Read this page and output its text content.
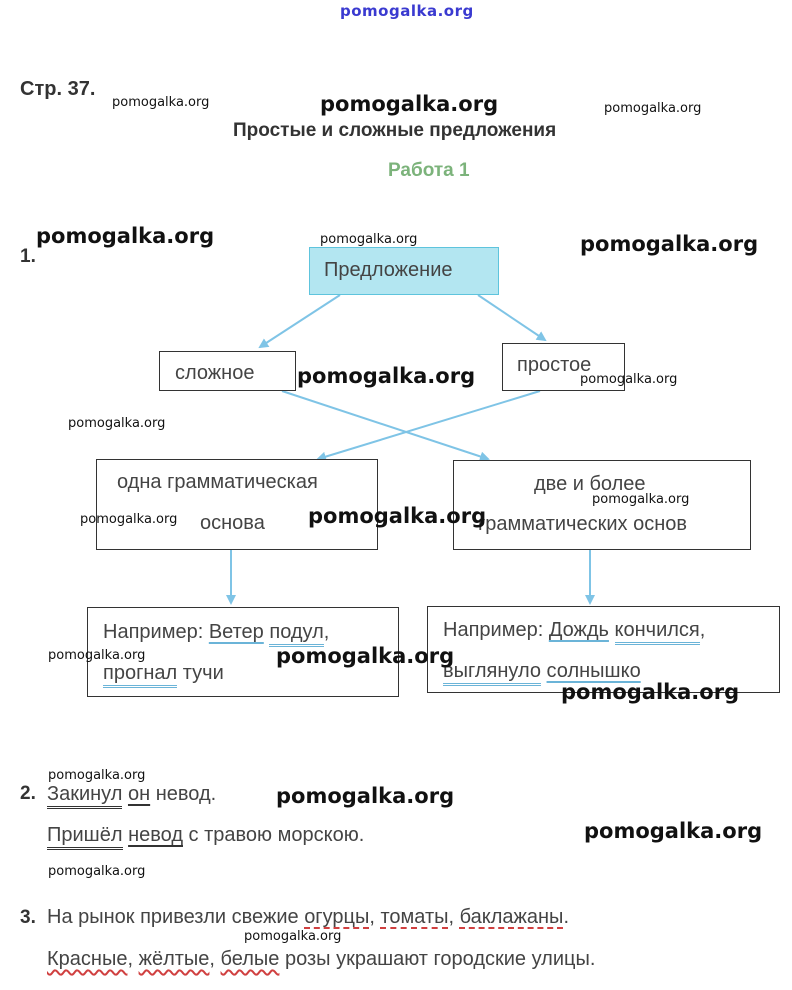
pomogalka.org
Стр. 37.
pomogalka.org	pomogalka.org	pomogalka.org
Простые и сложные предложения
Работа 1
1.
pomogalka.org	pomogalka.org	pomogalka.org
Предложение
сложное	простое
pomogalka.org	pomogalka.org
pomogalka.org
одна грамматическая
основа
две и более
грамматических основ
pomogalka.org	pomogalka.org
pomogalka.org
Например: Ветер подул,
прогнал тучи
Например: Дождь кончился,
выглянуло солнышко
pomogalka.org	pomogalka.org
pomogalka.org
pomogalka.org
2. Закинул он невод.	pomogalka.org
Пришёл невод с травою морскою.	pomogalka.org
pomogalka.org
3. На рынок привезли свежие огурцы, томаты, баклажаны.
pomogalka.org
Красные, жёлтые, белые розы украшают городские улицы.
